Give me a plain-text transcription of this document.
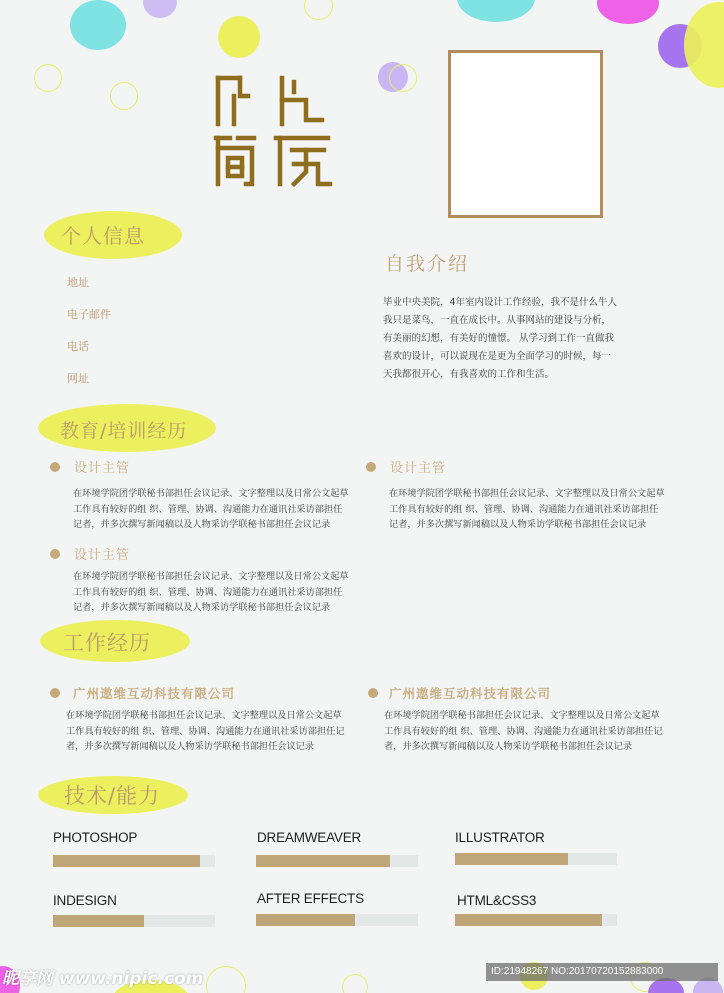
个人信息
地址
电子邮件
电话
网址
自我介绍
毕业中央美院，4年室内设计工作经验，我不是什么牛人
我只是菜鸟，一直在成长中。从事网站的建设与分析，
有美丽的幻想，有美好的憧憬。 从学习到工作一直做我
喜欢的设计，可以说现在是更为全面学习的时候，每一
天我都很开心，有我喜欢的工作和生活。
教育/培训经历
设计主管
在环境学院团学联秘书部担任会议记录、文字整理以及日常公文起草
工作具有较好的组 织、管理、协调、沟通能力在通讯社采访部担任
记者，并多次撰写新闻稿以及人物采访学联秘书部担任会议记录
设计主管
在环境学院团学联秘书部担任会议记录、文字整理以及日常公文起草
工作具有较好的组 织、管理、协调、沟通能力在通讯社采访部担任
记者，并多次撰写新闻稿以及人物采访学联秘书部担任会议记录
设计主管
在环境学院团学联秘书部担任会议记录、文字整理以及日常公文起草
工作具有较好的组 织、管理、协调、沟通能力在通讯社采访部担任
记者，并多次撰写新闻稿以及人物采访学联秘书部担任会议记录
工作经历
广州遨维互动科技有限公司
在环境学院团学联秘书部担任会议记录、文字整理以及日常公文起草
工作具有较好的组 织、管理、协调、沟通能力在通讯社采访部担任记
者，并多次撰写新闻稿以及人物采访学联秘书部担任会议记录
广州遨维互动科技有限公司
在环境学院团学联秘书部担任会议记录、文字整理以及日常公文起草
工作具有较好的组 织、管理、协调、沟通能力在通讯社采访部担任记
者，并多次撰写新闻稿以及人物采访学联秘书部担任会议记录
技术/能力
PHOTOSHOP	DREAMWEAVER	ILLUSTRATOR
INDESIGN	AFTER EFFECTS	HTML&CSS3
昵享网 www.nipic.com	ID:21948267 NO:20170720152883000
